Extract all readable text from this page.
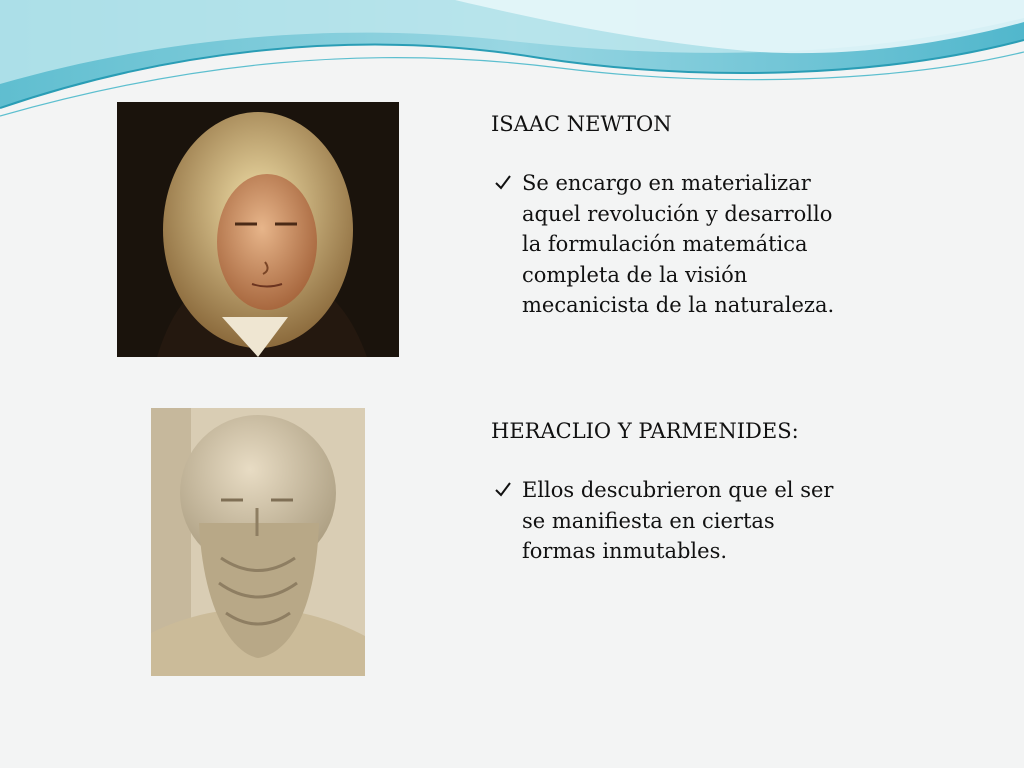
ISAAC NEWTON
Se encargo en materializar
aquel revolución y desarrollo
la formulación matemática
completa de la visión
mecanicista de la naturaleza.
HERACLIO Y PARMENIDES:
Ellos descubrieron que el ser
se manifiesta en ciertas
formas inmutables.
